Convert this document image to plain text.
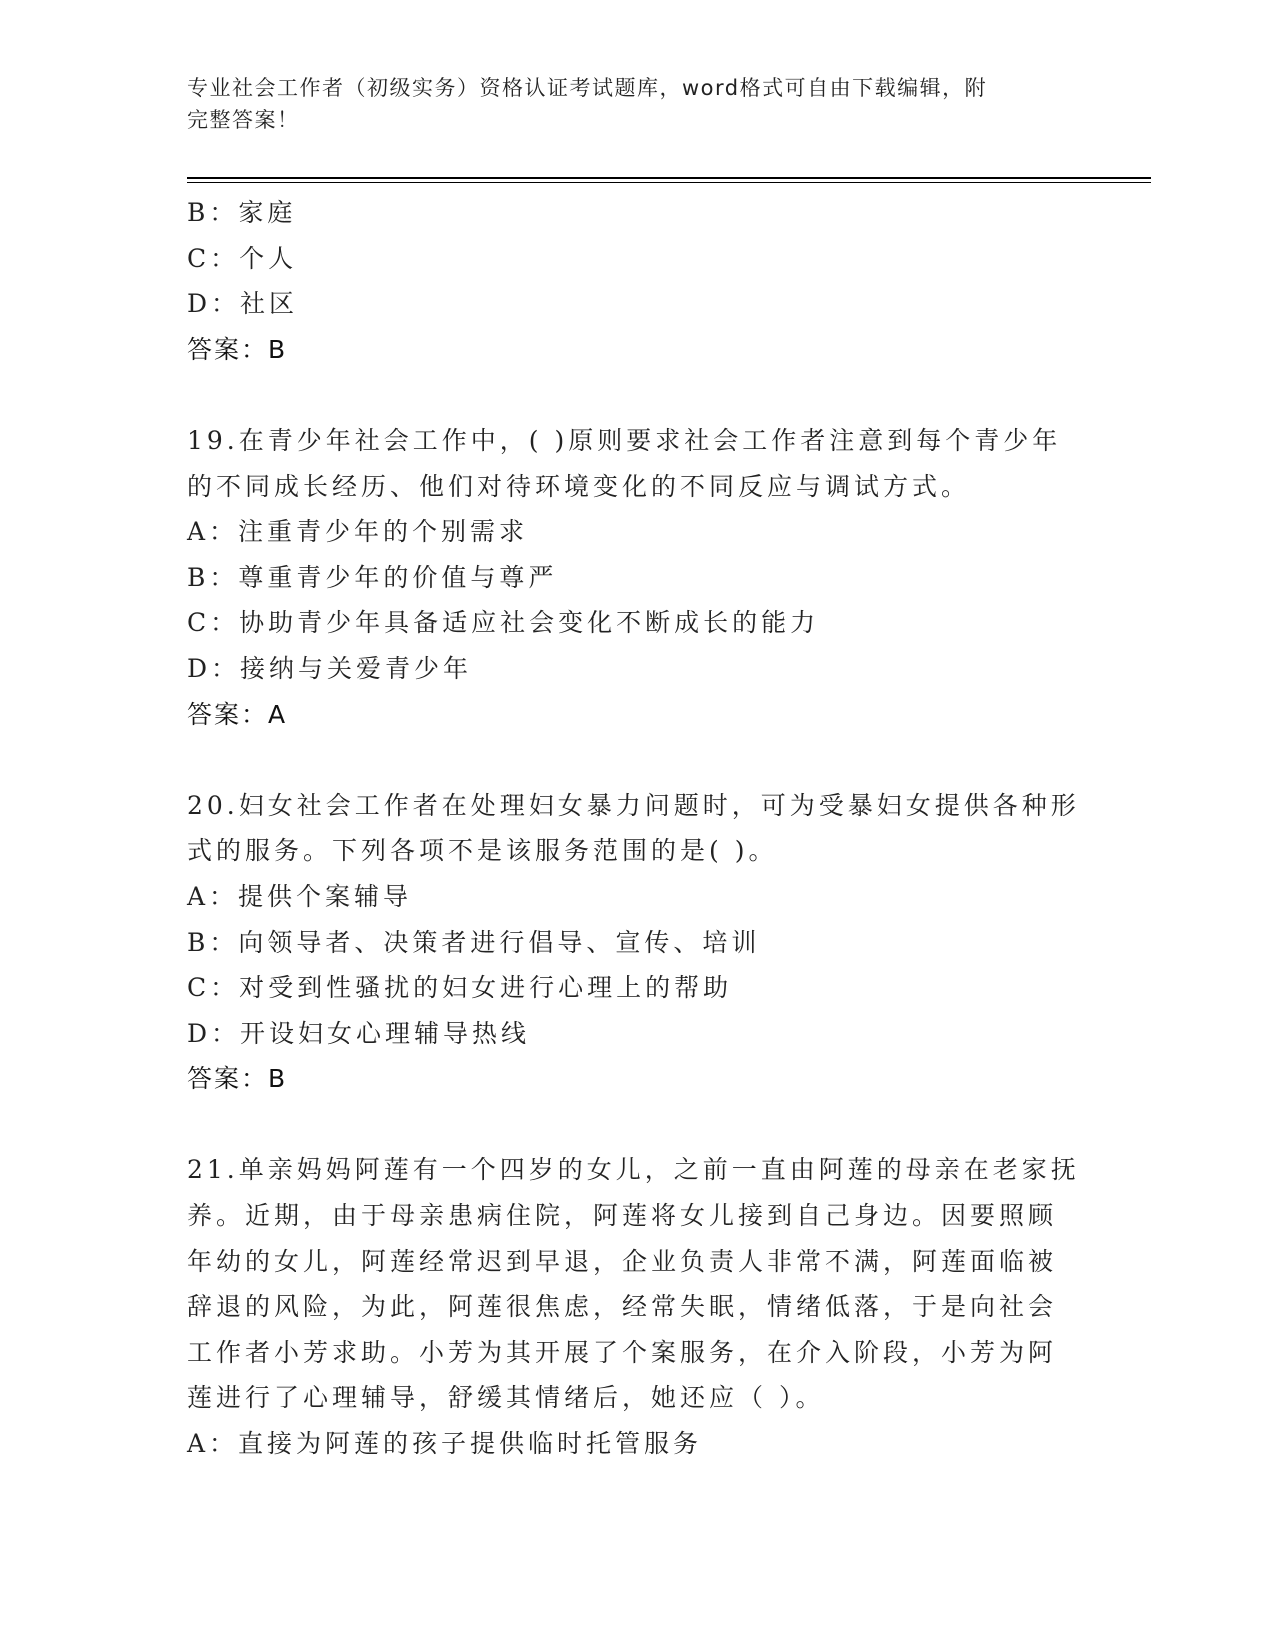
专业社会工作者（初级实务）资格认证考试题库，word格式可自由下载编辑，附
完整答案！
B：家庭
C：个人
D：社区
答案：B
19.在青少年社会工作中，( )原则要求社会工作者注意到每个青少年
的不同成长经历、他们对待环境变化的不同反应与调试方式。
A：注重青少年的个别需求
B：尊重青少年的价值与尊严
C：协助青少年具备适应社会变化不断成长的能力
D：接纳与关爱青少年
答案：A
20.妇女社会工作者在处理妇女暴力问题时，可为受暴妇女提供各种形
式的服务。下列各项不是该服务范围的是( )。
A：提供个案辅导
B：向领导者、决策者进行倡导、宣传、培训
C：对受到性骚扰的妇女进行心理上的帮助
D：开设妇女心理辅导热线
答案：B
21.单亲妈妈阿莲有一个四岁的女儿，之前一直由阿莲的母亲在老家抚
养。近期，由于母亲患病住院，阿莲将女儿接到自己身边。因要照顾
年幼的女儿，阿莲经常迟到早退，企业负责人非常不满，阿莲面临被
辞退的风险，为此，阿莲很焦虑，经常失眠，情绪低落，于是向社会
工作者小芳求助。小芳为其开展了个案服务，在介入阶段，小芳为阿
莲进行了心理辅导，舒缓其情绪后，她还应（ ）。
A：直接为阿莲的孩子提供临时托管服务
